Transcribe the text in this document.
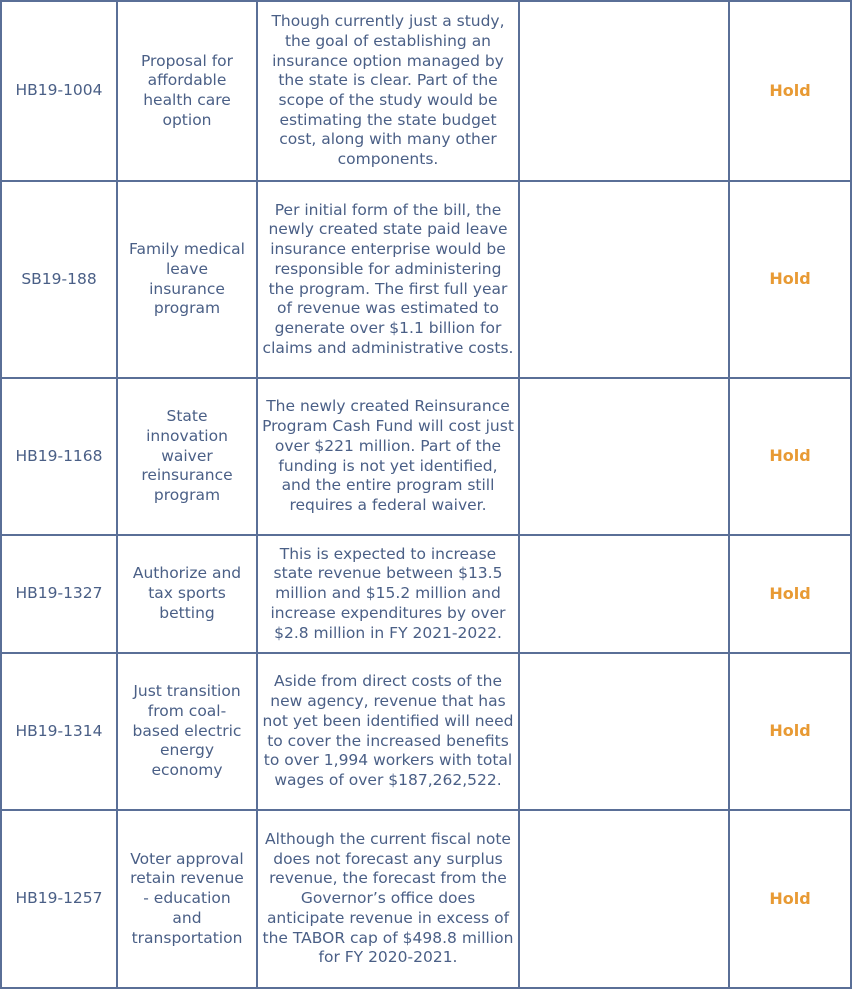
HB19-1004	Proposal for affordable health care option	Though currently just a study, the goal of establishing an insurance option managed by the state is clear. Part of the scope of the study would be estimating the state budget cost, along with many other components.		Hold
SB19-188	Family medical leave insurance program	Per initial form of the bill, the newly created state paid leave insurance enterprise would be responsible for administering the program. The first full year of revenue was estimated to generate over $1.1 billion for claims and administrative costs.		Hold
HB19-1168	State innovation waiver reinsurance program	The newly created Reinsurance Program Cash Fund will cost just over $221 million. Part of the funding is not yet identified, and the entire program still requires a federal waiver.		Hold
HB19-1327	Authorize and tax sports betting	This is expected to increase state revenue between $13.5 million and $15.2 million and increase expenditures by over $2.8 million in FY 2021-2022.		Hold
HB19-1314	Just transition from coal-based electric energy economy	Aside from direct costs of the new agency, revenue that has not yet been identified will need to cover the increased benefits to over 1,994 workers with total wages of over $187,262,522.		Hold
HB19-1257	Voter approval retain revenue - education and transportation	Although the current fiscal note does not forecast any surplus revenue, the forecast from the Governor’s office does anticipate revenue in excess of the TABOR cap of $498.8 million for FY 2020-2021.		Hold
